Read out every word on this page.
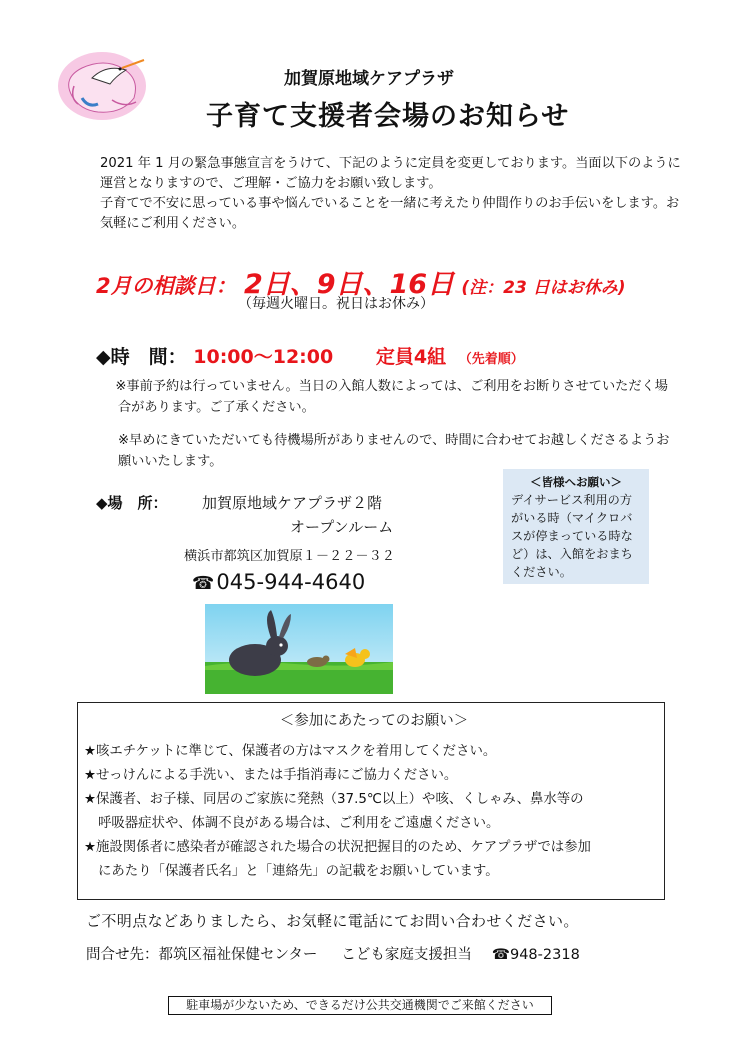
加賀原地域ケアプラザ
子育て支援者会場のお知らせ

2021 年 1 月の緊急事態宣言をうけて、下記のように定員を変更しております。当面以下のように運営となりますので、ご理解・ご協力をお願い致します。

子育てで不安に思っている事や悩んでいることを一緒に考えたり仲間作りのお手伝いをします。お気軽にご利用ください。

2月の相談日： 2日、9日、16日 (注：23 日はお休み)
（毎週火曜日。祝日はお休み）
◆時　間： 10:00～12:00 定員4組 （先着順）
※事前予約は行っていません。当日の入館人数によっては、ご利用をお断りさせていただく場合があります。ご了承ください。
※早めにきていただいても待機場所がありませんので、時間に合わせてお越しくださるようお願いいたします。
◆場　所： 加賀原地域ケアプラザ２階
オープンルーム
横浜市都筑区加賀原１－２２－３２
☎045-944-4640
＜皆様へお願い＞
デイサービス利用の方がいる時（マイクロバスが停まっている時など）は、入館をおまちください。
＜参加にあたってのお願い＞
★咳エチケットに準じて、保護者の方はマスクを着用してください。
★せっけんによる手洗い、または手指消毒にご協力ください。
★保護者、お子様、同居のご家族に発熱（37.5℃以上）や咳、くしゃみ、鼻水等の
呼吸器症状や、体調不良がある場合は、ご利用をご遠慮ください。
★施設関係者に感染者が確認された場合の状況把握目的のため、ケアプラザでは参加
にあたり「保護者氏名」と「連絡先」の記載をお願いしています。
ご不明点などありましたら、お気軽に電話にてお問い合わせください。
問合せ先：都筑区福祉保健センター こども家庭支援担当 ☎948-2318
駐車場が少ないため、できるだけ公共交通機関でご来館ください
